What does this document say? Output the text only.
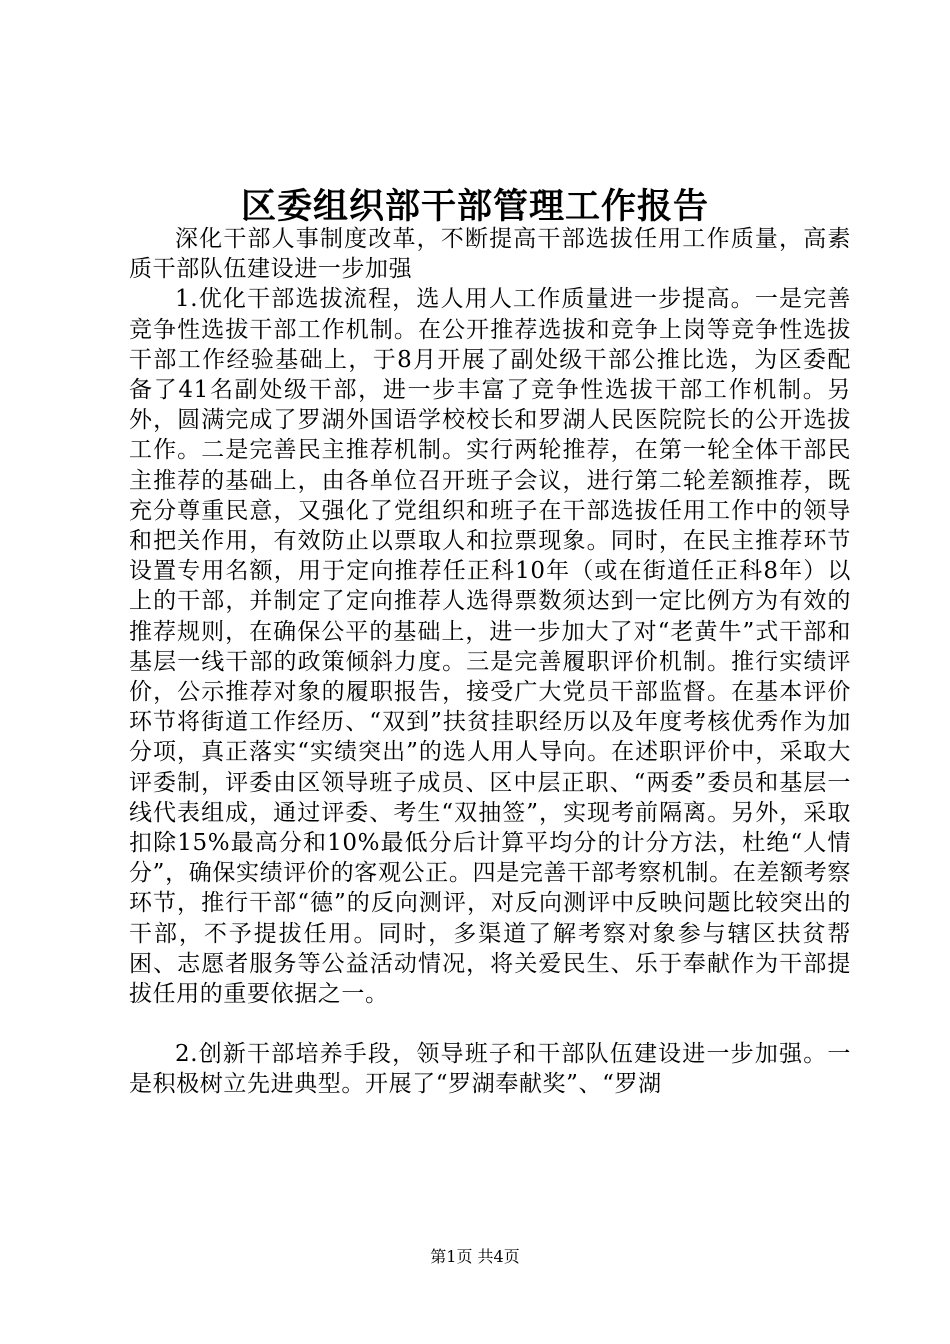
区委组织部干部管理工作报告

深化干部人事制度改革，不断提高干部选拔任用工作质量，高素质干部队伍建设进一步加强

1.优化干部选拔流程，选人用人工作质量进一步提高。一是完善竞争性选拔干部工作机制。在公开推荐选拔和竞争上岗等竞争性选拔干部工作经验基础上，于8月开展了副处级干部公推比选，为区委配备了41名副处级干部，进一步丰富了竞争性选拔干部工作机制。另外，圆满完成了罗湖外国语学校校长和罗湖人民医院院长的公开选拔工作。二是完善民主推荐机制。实行两轮推荐，在第一轮全体干部民主推荐的基础上，由各单位召开班子会议，进行第二轮差额推荐，既充分尊重民意，又强化了党组织和班子在干部选拔任用工作中的领导和把关作用，有效防止以票取人和拉票现象。同时，在民主推荐环节设置专用名额，用于定向推荐任正科10年（或在街道任正科8年）以上的干部，并制定了定向推荐人选得票数须达到一定比例方为有效的推荐规则，在确保公平的基础上，进一步加大了对“老黄牛”式干部和基层一线干部的政策倾斜力度。三是完善履职评价机制。推行实绩评价，公示推荐对象的履职报告，接受广大党员干部监督。在基本评价环节将街道工作经历、“双到”扶贫挂职经历以及年度考核优秀作为加分项，真正落实“实绩突出”的选人用人导向。在述职评价中，采取大评委制，评委由区领导班子成员、区中层正职、“两委”委员和基层一线代表组成，通过评委、考生“双抽签”，实现考前隔离。另外，采取扣除15%最高分和10%最低分后计算平均分的计分方法，杜绝“人情分”，确保实绩评价的客观公正。四是完善干部考察机制。在差额考察环节，推行干部“德”的反向测评，对反向测评中反映问题比较突出的干部，不予提拔任用。同时，多渠道了解考察对象参与辖区扶贫帮困、志愿者服务等公益活动情况，将关爱民生、乐于奉献作为干部提拔任用的重要依据之一。

2.创新干部培养手段，领导班子和干部队伍建设进一步加强。一是积极树立先进典型。开展了“罗湖奉献奖”、“罗湖

第1页 共4页
